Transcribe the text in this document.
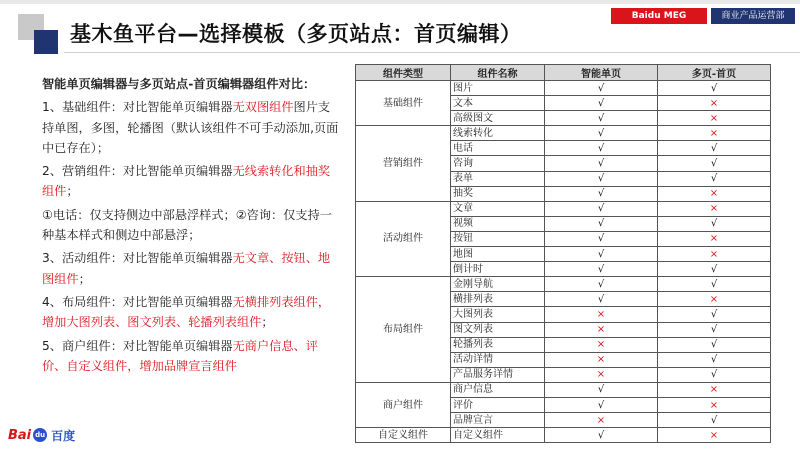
基木鱼平台—选择模板（多页站点：首页编辑）
Baidu MEG	商业产品运营部

智能单页编辑器与多页站点-首页编辑器组件对比：

1、基础组件：对比智能单页编辑器无双图组件图片支持单图，多图，轮播图（默认该组件不可手动添加,页面中已存在）；

2、营销组件：对比智能单页编辑器无线索转化和抽奖组件；

①电话：仅支持侧边中部悬浮样式；②咨询：仅支持一种基本样式和侧边中部悬浮；

3、活动组件：对比智能单页编辑器无文章、按钮、地图组件；

4、布局组件：对比智能单页编辑器无横排列表组件，增加大图列表、图文列表、轮播列表组件；

5、商户组件：对比智能单页编辑器无商户信息、评价、自定义组件，增加品牌宣言组件

Bai du 百度
组件类型	组件名称	智能单页	多页-首页
基础组件	图片	√	√
	文本	√	×
	高级图文	√	×
营销组件	线索转化	√	×
	电话	√	√
	咨询	√	√
	表单	√	√
	抽奖	√	×
活动组件	文章	√	×
	视频	√	√
	按钮	√	×
	地图	√	×
	倒计时	√	√
布局组件	金刚导航	√	√
	横排列表	√	×
	大图列表	×	√
	图文列表	×	√
	轮播列表	×	√
	活动详情	×	√
	产品服务详情	×	√
商户组件	商户信息	√	×
	评价	√	×
	品牌宣言	×	√
自定义组件	自定义组件	√	×
